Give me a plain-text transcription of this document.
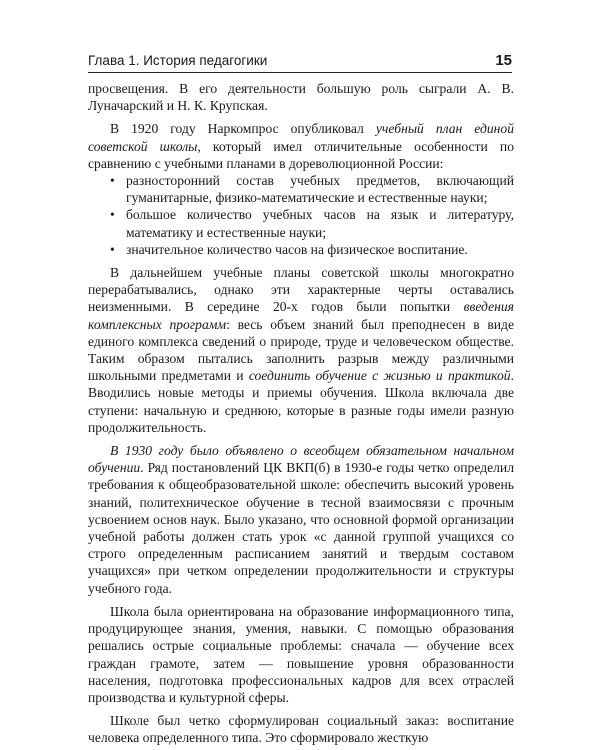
Глава 1. История педагогики	15

просвещения. В его деятельности большую роль сыграли А. В. Луначарский и Н. К. Крупская.

В 1920 году Наркомпрос опубликовал учебный план единой советской школы, который имел отличительные особенности по сравнению с учебными планами в дореволюционной России:

• разносторонний состав учебных предметов, включающий гуманитарные, физико-математические и естественные науки;
• большое количество учебных часов на язык и литературу, математику и естественные науки;
• значительное количество часов на физическое воспитание.

В дальнейшем учебные планы советской школы многократно перерабатывались, однако эти характерные черты оставались неизменными. В середине 20-х годов были попытки введения комплексных программ: весь объем знаний был преподнесен в виде единого комплекса сведений о природе, труде и человеческом обществе. Таким образом пытались заполнить разрыв между различными школьными предметами и соединить обучение с жизнью и практикой. Вводились новые методы и приемы обучения. Школа включала две ступени: начальную и среднюю, которые в разные годы имели разную продолжительность.

В 1930 году было объявлено о всеобщем обязательном начальном обучении. Ряд постановлений ЦК ВКП(б) в 1930-е годы четко определил требования к общеобразовательной школе: обеспечить высокий уровень знаний, политехническое обучение в тесной взаимосвязи с прочным усвоением основ наук. Было указано, что основной формой организации учебной работы должен стать урок «с данной группой учащихся со строго определенным расписанием занятий и твердым составом учащихся» при четком определении продолжительности и структуры учебного года.

Школа была ориентирована на образование информационного типа, продуцирующее знания, умения, навыки. С помощью образования решались острые социальные проблемы: сначала — обучение всех граждан грамоте, затем — повышение уровня образованности населения, подготовка профессиональных кадров для всех отраслей производства и культурной сферы.

Школе был четко сформулирован социальный заказ: воспитание человека определенного типа. Это сформировало жесткую
